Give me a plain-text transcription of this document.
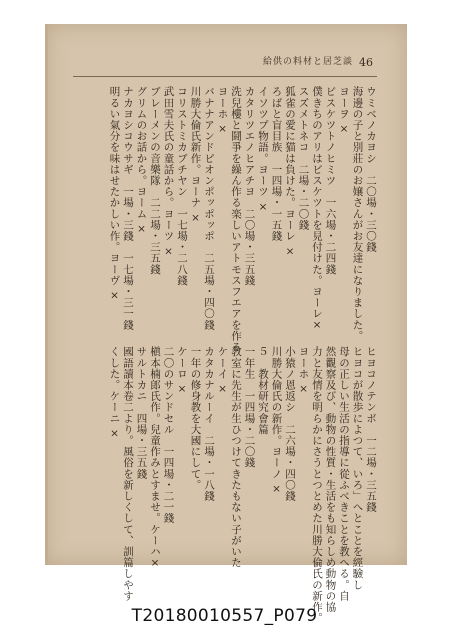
46
談芝居と材料の供給
ウミベノカヨシ　二〇場・三〇錢
海邊の子と別莊のお嬢さんがお友達になりました。
ヨーヲ ×
ビスケツトノヒミツ　一六場・二四錢
僕きちのアリはビスケツトを見付けた。ヨーレ×
スズメトネコ　二場・二〇錢
狐雀の愛に猫は負けた。ヨーレ ×
ろばと盲目族　一四場・一五錢
イソツプ物語。ヨーツ ×
カタリツエノヒアチヨ　二〇場・三五錢
洗兒樓と鬪爭を繰ん作る楽しいアトモスフエアを作る
ヨーホ ×
バナナアンドピオンポッポッポ　二五場・四〇錢
川勝大倫氏新作。ヨーナ ×
コリストミカブチヤン　一七場・二八錢
武田雪夫氏の童話から。ヨーツ ×
ブレーメンの音樂隊　二二場・三五錢
グリムのお話から。ヨーム ×
ナカヨシコウサギ　一場・三錢　一七場・三一錢
明るい氣分を味はせたかしい作。ヨーヴ ×
ヒヨコノテンボ　一二場・三五錢
ヒヨコが散歩によつて、いろ」へとことを經驗し
母の正しい生活の指導に從ふべきことを教へる。自
然觀察及び、動物の性質・生活をも知らしめ動物の協
力と友情を明らかにさうとつとめた川勝大倫氏の新作。
ヨーホ ×
小猿ノ恩返シ　二六場・四〇錢
川勝大倫氏の新作。ヨーノ ×
５　教材研究會篇
一年生　一四場・二〇錢
教室に先生が生ひつけてきたもない子がいた
ケーイ ×
カタカナルーイ　二場・一八錢
一年の修身教を大國にして。
ケーロ ×
二〇のサンドセル　一四場・二一錢
槇本楠郎氏作。兒童作みとすませ。ケーハ×
サルトカニ　四場・三五錢
國語讀本卷二より。風俗を新しくして、訓篇しやす
くした。ケーニ ×
T20180010557_P079
